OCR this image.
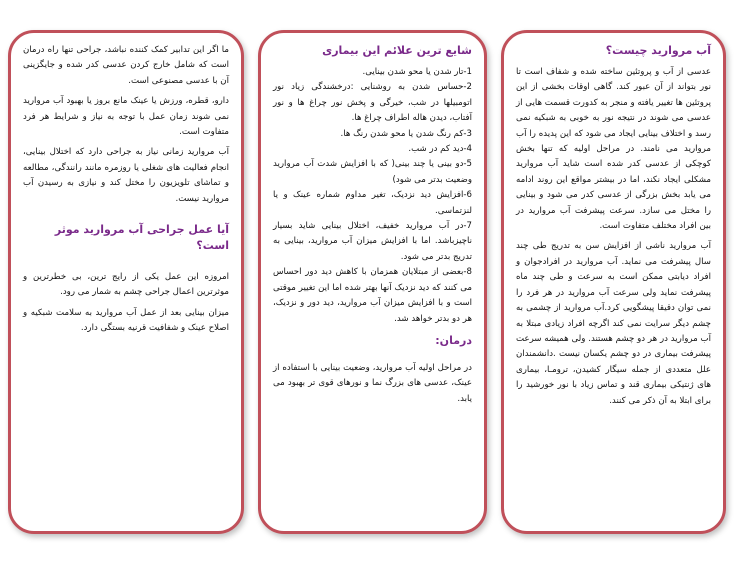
ما اگر این تدابیر کمک کننده نباشد، جراحی تنها راه درمان است که شامل خارج کردن عدسی کدر شده و جایگزینی آن با عدسی مصنوعی است.

دارو، قطره، ورزش یا عینک مانع بروز یا بهبود آب مروارید نمی شوند زمان عمل با توجه به نیاز و شرایط هر فرد متفاوت است.

آب مروارید زمانی نیاز به جراحی دارد که اختلال بینایی، انجام فعالیت های شغلی یا روزمره مانند رانندگی، مطالعه و تماشای تلویزیون را مختل کند و نیازی به رسیدن آب مروارید نیست.

آیا عمل جراحی آب مروارید موثر است؟

امروزه این عمل یکی از رایج ترین، بی خطرترین و موثرترین اعمال جراحی چشم به شمار می رود.

میزان بینایی بعد از عمل آب مروارید به سلامت شبکیه و اصلاح عینک و شفافیت قرنیه بستگی دارد.

شایع ترین علائم این بیماری

1-تار شدن یا محو شدن بینایی.

2-حساس شدن به روشنایی :درخشندگی زیاد نور اتومبیلها در شب، خیرگی و پخش نور چراغ ها و نور آفتاب، دیدن هاله اطراف چراغ ها.

3-کم رنگ شدن یا محو شدن رنگ ها.

4-دید کم در شب.

5-دو بینی یا چند بینی( که با افزایش شدت آب مروارید وضعیت بدتر می شود)

6-افزایش دید نزدیک، تغیر مداوم شماره عینک و یا لنزتماسی.

7-در آب مروارید خفیف، اختلال بینایی شاید بسیار ناچیزباشد. اما با افزایش میزان آب مروارید، بینایی به تدریج بدتر می شود.

8-بعضی از مبتلایان همزمان با کاهش دید دور احساس می کنند که دید نزدیک آنها بهتر شده اما این تغییر موقتی است و با افزایش میزان آب مروارید، دید دور و نزدیک، هر دو بدتر خواهد شد.

درمان:

در مراحل اولیه آب مروارید، وضعیت بینایی با استفاده از عینک، عدسی های بزرگ نما و نورهای قوی تر بهبود می یابد.

آب مروارید چیست؟

عدسی از آب و پروتئین ساخته شده و شفاف است تا نور بتواند از آن عبور کند. گاهی اوقات بخشی از این پروتئین ها تغییر یافته و منجر به کدورت قسمت هایی از عدسی می شوند در نتیجه نور به خوبی به شبکیه نمی رسد و اختلاف بینایی ایجاد می شود که این پدیده را آب مروارید می نامند. در مراحل اولیه که تنها بخش کوچکی از عدسی کدر شده است شاید آب مروارید مشکلی ایجاد نکند، اما در بیشتر مواقع این روند ادامه می یابد بخش بزرگی از عدسی کدر می شود و بینایی را مختل می سازد. سرعت پیشرفت آب مروارید در بین افراد مختلف متفاوت است.

آب مروارید ناشی از افزایش سن به تدریج طی چند سال پیشرفت می نماید. آب مروارید در افرادجوان و افراد دیابتی ممکن است به سرعت و طی چند ماه پیشرفت نماید ولی سرعت آب مروارید در هر فرد را نمی توان دقیقا پیشگویی کرد.آب مروارید از چشمی به چشم دیگر سرایت نمی کند اگرچه افراد زیادی مبتلا به آب مروارید در هر دو چشم هستند. ولی همیشه سرعت پیشرفت بیماری در دو چشم یکسان نیست .دانشمندان علل متعددی از جمله سیگار کشیدن، ترومـا، بیماری های ژنتیکی بیماری قند و تماس زیاد با نور خورشید را برای ابتلا به آن ذکر می کنند.
